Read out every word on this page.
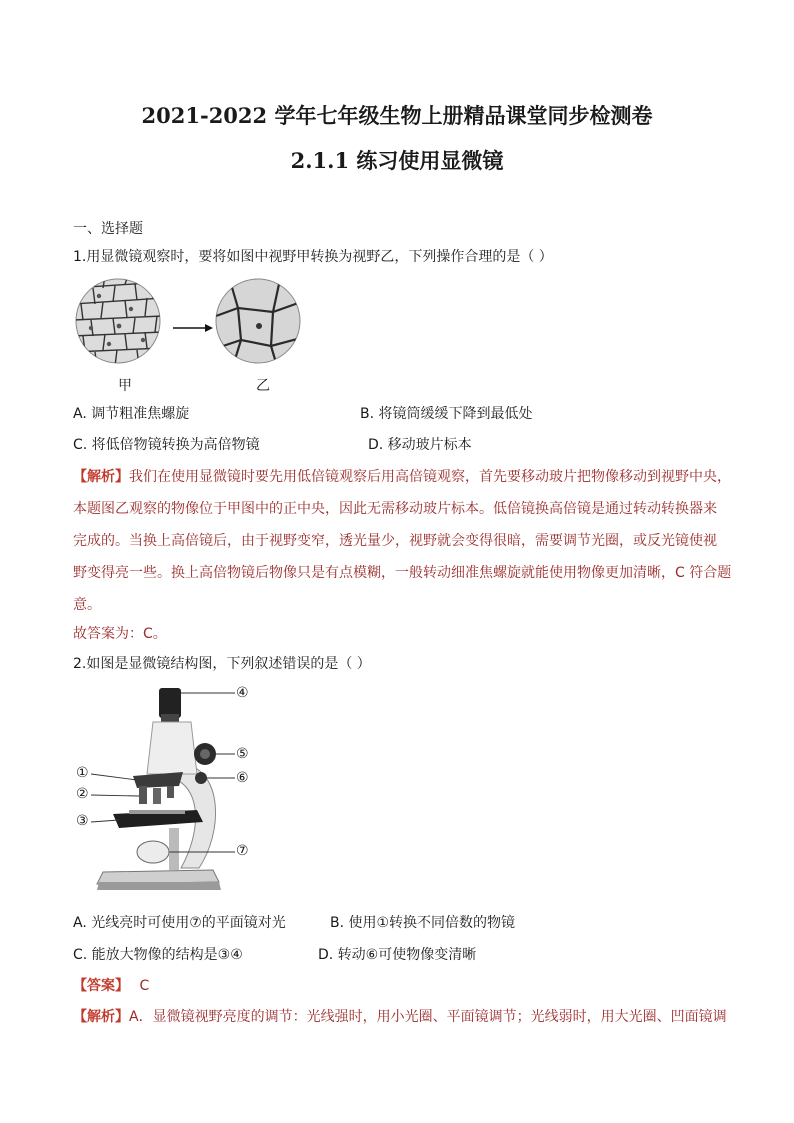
2021-2022 学年七年级生物上册精品课堂同步检测卷
2.1.1 练习使用显微镜
一、选择题
1.用显微镜观察时，要将如图中视野甲转换为视野乙，下列操作合理的是（ ）
甲	乙
A. 调节粗准焦螺旋	B. 将镜筒缓缓下降到最低处
C. 将低倍物镜转换为高倍物镜	D. 移动玻片标本
【解析】我们在使用显微镜时要先用低倍镜观察后用高倍镜观察，首先要移动玻片把物像移动到视野中央，
本题图乙观察的物像位于甲图中的正中央，因此无需移动玻片标本。低倍镜换高倍镜是通过转动转换器来
完成的。当换上高倍镜后，由于视野变窄，透光量少，视野就会变得很暗，需要调节光圈，或反光镜使视
野变得亮一些。换上高倍物镜后物像只是有点模糊，一般转动细准焦螺旋就能使用物像更加清晰，C 符合题
意。
故答案为：C。
2.如图是显微镜结构图，下列叙述错误的是（ ）
①
②
③
④
⑤
⑥
⑦
A. 光线亮时可使用⑦的平面镜对光	B. 使用①转换不同倍数的物镜
C. 能放大物像的结构是③④	D. 转动⑥可使物像变清晰
【答案】 C
【解析】A．显微镜视野亮度的调节：光线强时，用小光圈、平面镜调节；光线弱时，用大光圈、凹面镜调
